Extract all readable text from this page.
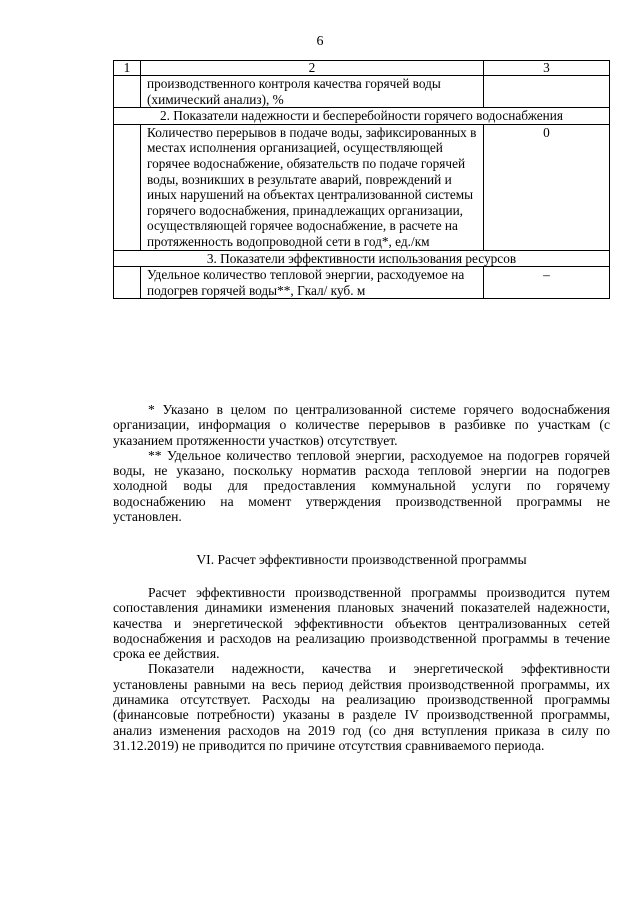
6
1	2	3
	производственного контроля качества горячей воды (химический анализ), %	
2. Показатели надежности и бесперебойности горячего водоснабжения		
	Количество перерывов в подаче воды, зафиксированных в местах исполнения организацией, осуществляющей горячее водоснабжение, обязательств по подаче горячей воды, возникших в результате аварий, повреждений и иных нарушений на объектах централизованной системы горячего водоснабжения, принадлежащих организации, осуществляющей горячее водоснабжение, в расчете на протяженность водопроводной сети в год*, ед./км	0
3. Показатели эффективности использования ресурсов		
	Удельное количество тепловой энергии, расходуемое на подогрев горячей воды**, Гкал/ куб. м	–

* Указано в целом по централизованной системе горячего водоснабжения организации, информация о количестве перерывов в разбивке по участкам (с указанием протяженности участков) отсутствует.

** Удельное количество тепловой энергии, расходуемое на подогрев горячей воды, не указано, поскольку норматив расхода тепловой энергии на подогрев холодной воды для предоставления коммунальной услуги по горячему водоснабжению на момент утверждения производственной программы не установлен.

VI. Расчет эффективности производственной программы

Расчет эффективности производственной программы производится путем сопоставления динамики изменения плановых значений показателей надежности, качества и энергетической эффективности объектов централизованных сетей водоснабжения и расходов на реализацию производственной программы в течение срока ее действия.

Показатели надежности, качества и энергетической эффективности установлены равными на весь период действия производственной программы, их динамика отсутствует. Расходы на реализацию производственной программы (финансовые потребности) указаны в разделе IV производственной программы, анализ изменения расходов на 2019 год (со дня вступления приказа в силу по 31.12.2019) не приводится по причине отсутствия сравниваемого периода.
